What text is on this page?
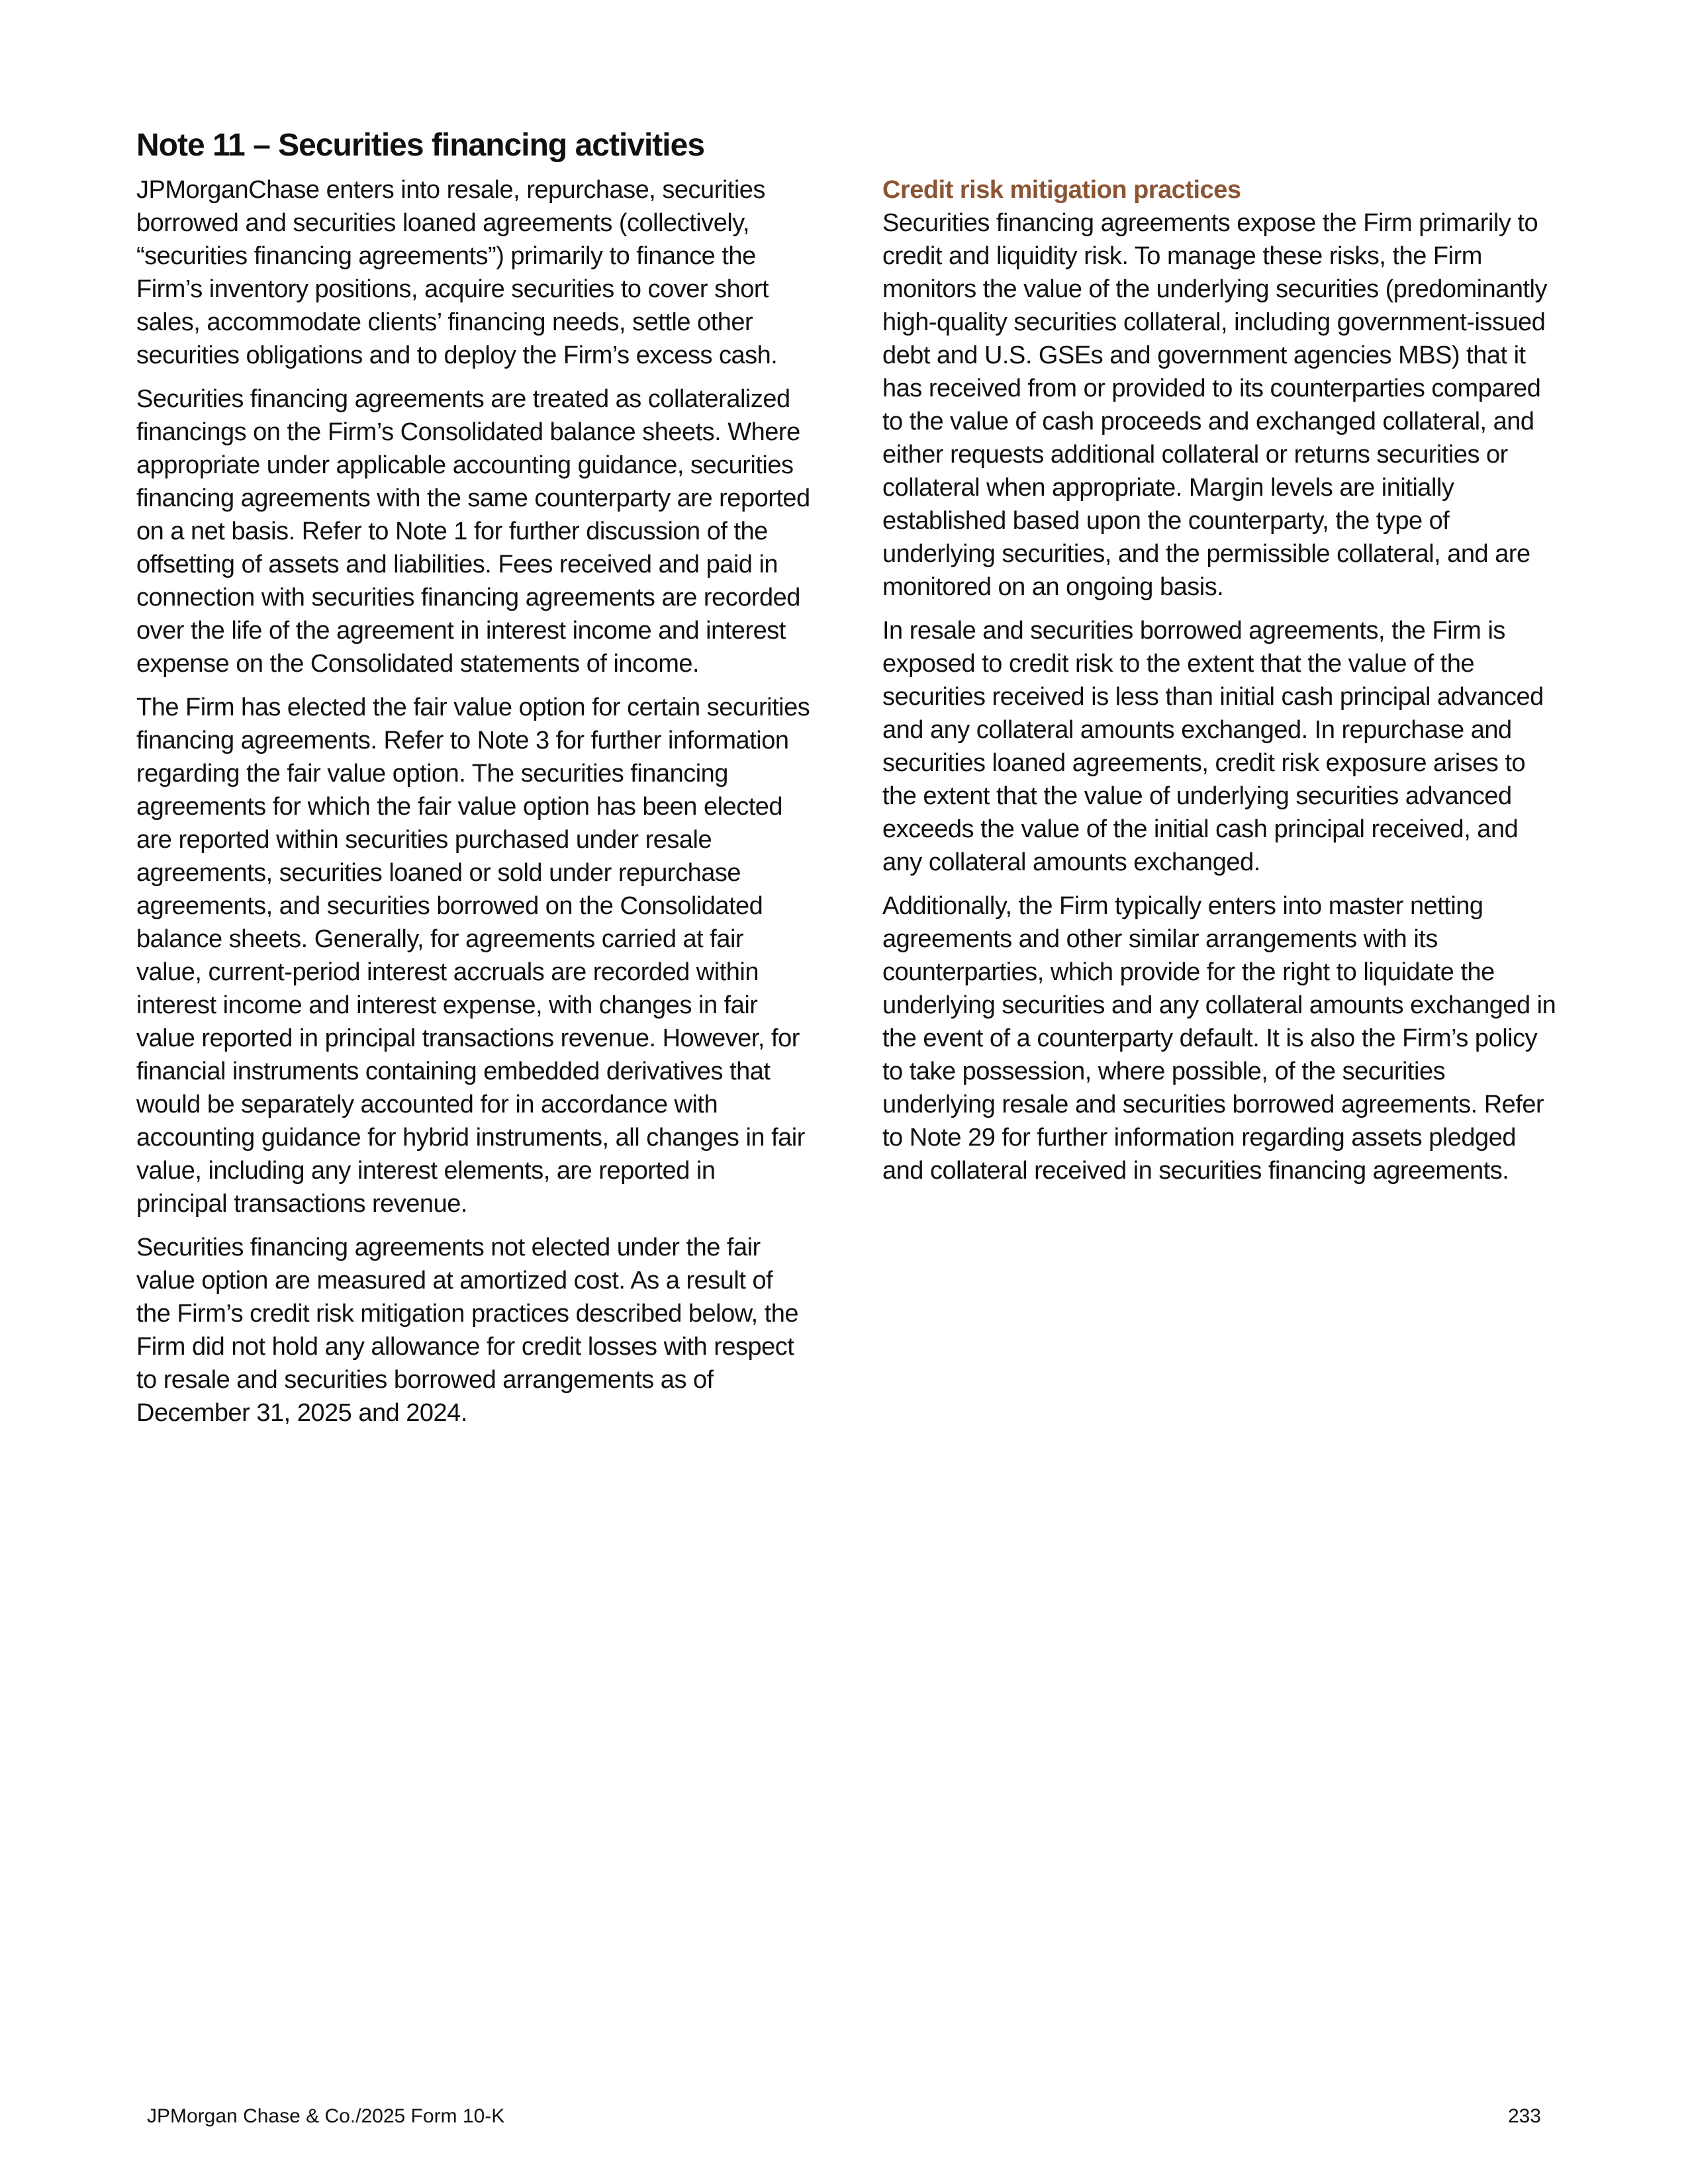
Note 11 – Securities financing activities

JPMorganChase enters into resale, repurchase, securities borrowed and securities loaned agreements (collectively, “securities financing agreements”) primarily to finance the Firm’s inventory positions, acquire securities to cover short sales, accommodate clients’ financing needs, settle other securities obligations and to deploy the Firm’s excess cash.

Securities financing agreements are treated as collateralized financings on the Firm’s Consolidated balance sheets. Where appropriate under applicable accounting guidance, securities financing agreements with the same counterparty are reported on a net basis. Refer to Note 1 for further discussion of the offsetting of assets and liabilities. Fees received and paid in connection with securities financing agreements are recorded over the life of the agreement in interest income and interest expense on the Consolidated statements of income.

The Firm has elected the fair value option for certain securities financing agreements. Refer to Note 3 for further information regarding the fair value option. The securities financing agreements for which the fair value option has been elected are reported within securities purchased under resale agreements, securities loaned or sold under repurchase agreements, and securities borrowed on the Consolidated balance sheets. Generally, for agreements carried at fair value, current-period interest accruals are recorded within interest income and interest expense, with changes in fair value reported in principal transactions revenue. However, for financial instruments containing embedded derivatives that would be separately accounted for in accordance with accounting guidance for hybrid instruments, all changes in fair value, including any interest elements, are reported in principal transactions revenue.

Securities financing agreements not elected under the fair value option are measured at amortized cost. As a result of the Firm’s credit risk mitigation practices described below, the Firm did not hold any allowance for credit losses with respect to resale and securities borrowed arrangements as of December 31, 2025 and 2024.

Credit risk mitigation practices

Securities financing agreements expose the Firm primarily to credit and liquidity risk. To manage these risks, the Firm monitors the value of the underlying securities (predominantly high-quality securities collateral, including government-issued debt and U.S. GSEs and government agencies MBS) that it has received from or provided to its counterparties compared to the value of cash proceeds and exchanged collateral, and either requests additional collateral or returns securities or collateral when appropriate. Margin levels are initially established based upon the counterparty, the type of underlying securities, and the permissible collateral, and are monitored on an ongoing basis.

In resale and securities borrowed agreements, the Firm is exposed to credit risk to the extent that the value of the securities received is less than initial cash principal advanced and any collateral amounts exchanged. In repurchase and securities loaned agreements, credit risk exposure arises to the extent that the value of underlying securities advanced exceeds the value of the initial cash principal received, and any collateral amounts exchanged.

Additionally, the Firm typically enters into master netting agreements and other similar arrangements with its counterparties, which provide for the right to liquidate the underlying securities and any collateral amounts exchanged in the event of a counterparty default. It is also the Firm’s policy to take possession, where possible, of the securities underlying resale and securities borrowed agreements. Refer to Note 29 for further information regarding assets pledged and collateral received in securities financing agreements.

JPMorgan Chase & Co./2025 Form 10-K	233
